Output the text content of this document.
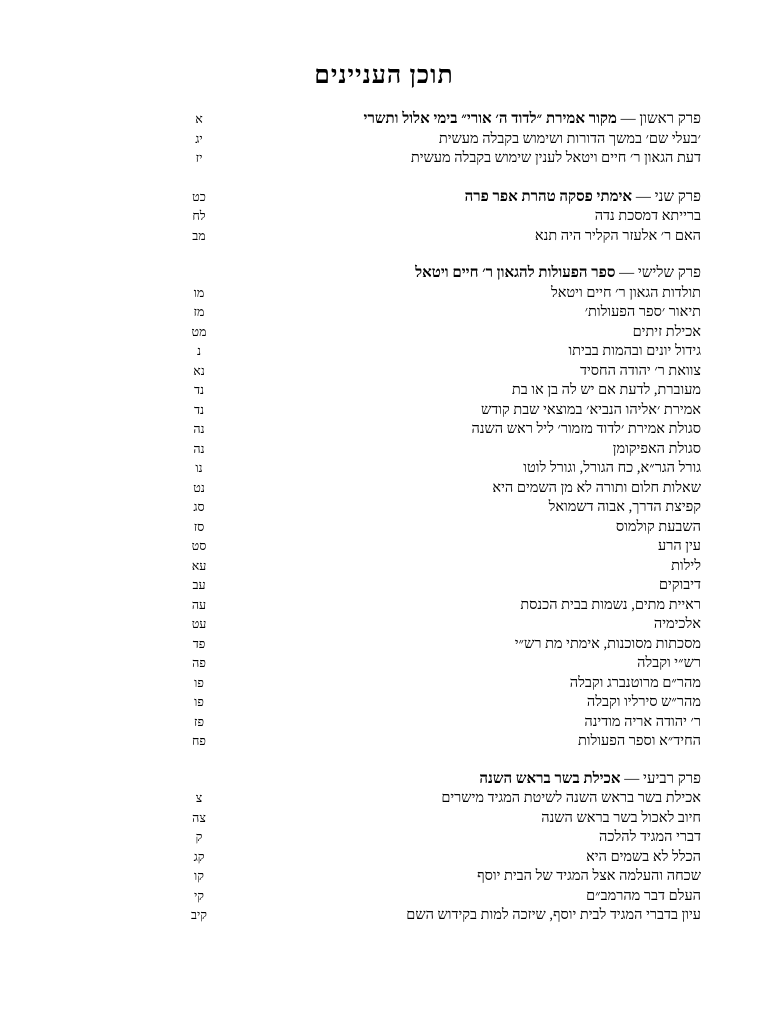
תוכן העניינים
פרק ראשון — מקור אמירת ״לדוד ה׳ אורי״ בימי אלול ותשרי
א
׳בעלי שם׳ במשך הדורות ושימוש בקבלה מעשית
יג
דעת הגאון ר׳ חיים ויטאל לענין שימוש בקבלה מעשית
יז
פרק שני — אימתי פסקה טהרת אפר פרה
כט
ברייתא דמסכת נדה
לח
האם ר׳ אלעזר הקליר היה תנא
מב
פרק שלישי — ספר הפעולות להגאון ר׳ חיים ויטאל
תולדות הגאון ר׳ חיים ויטאל
מו
תיאור ׳ספר הפעולות׳
מז
אכילת זיתים
מט
גידול יונים ובהמות בביתו
נ
צוואת ר׳ יהודה החסיד
נא
מעוברת, לדעת אם יש לה בן או בת
נד
אמירת ׳אליהו הנביא׳ במוצאי שבת קודש
נד
סגולת אמירת ׳לדוד מזמור׳ ליל ראש השנה
נה
סגולת האפיקומן
נה
גורל הגר״א, כח הגורל, וגורל לוטו
נו
שאלות חלום ותורה לא מן השמים היא
נט
קפיצת הדרך, אבוה דשמואל
סג
השבעת קולמוס
סז
עין הרע
סט
לילות
עא
דיבוקים
עב
ראיית מתים, נשמות בבית הכנסת
עה
אלכימיה
עט
מסכתות מסוכנות, אימתי מת רש״י
פד
רש״י וקבלה
פה
מהר״ם מרוטנברג וקבלה
פו
מהר״ש סירליו וקבלה
פו
ר׳ יהודה אריה מודינה
פז
החיד״א וספר הפעולות
פח
פרק רביעי — אכילת בשר בראש השנה
אכילת בשר בראש השנה לשיטת המגיד מישרים
צ
חיוב לאכול בשר בראש השנה
צה
דברי המגיד להלכה
ק
הכלל לא בשמים היא
קג
שכחה והעלמה אצל המגיד של הבית יוסף
קו
העלם דבר מהרמב״ם
קי
עיון בדברי המגיד לבית יוסף, שיזכה למות בקידוש השם
קיב
